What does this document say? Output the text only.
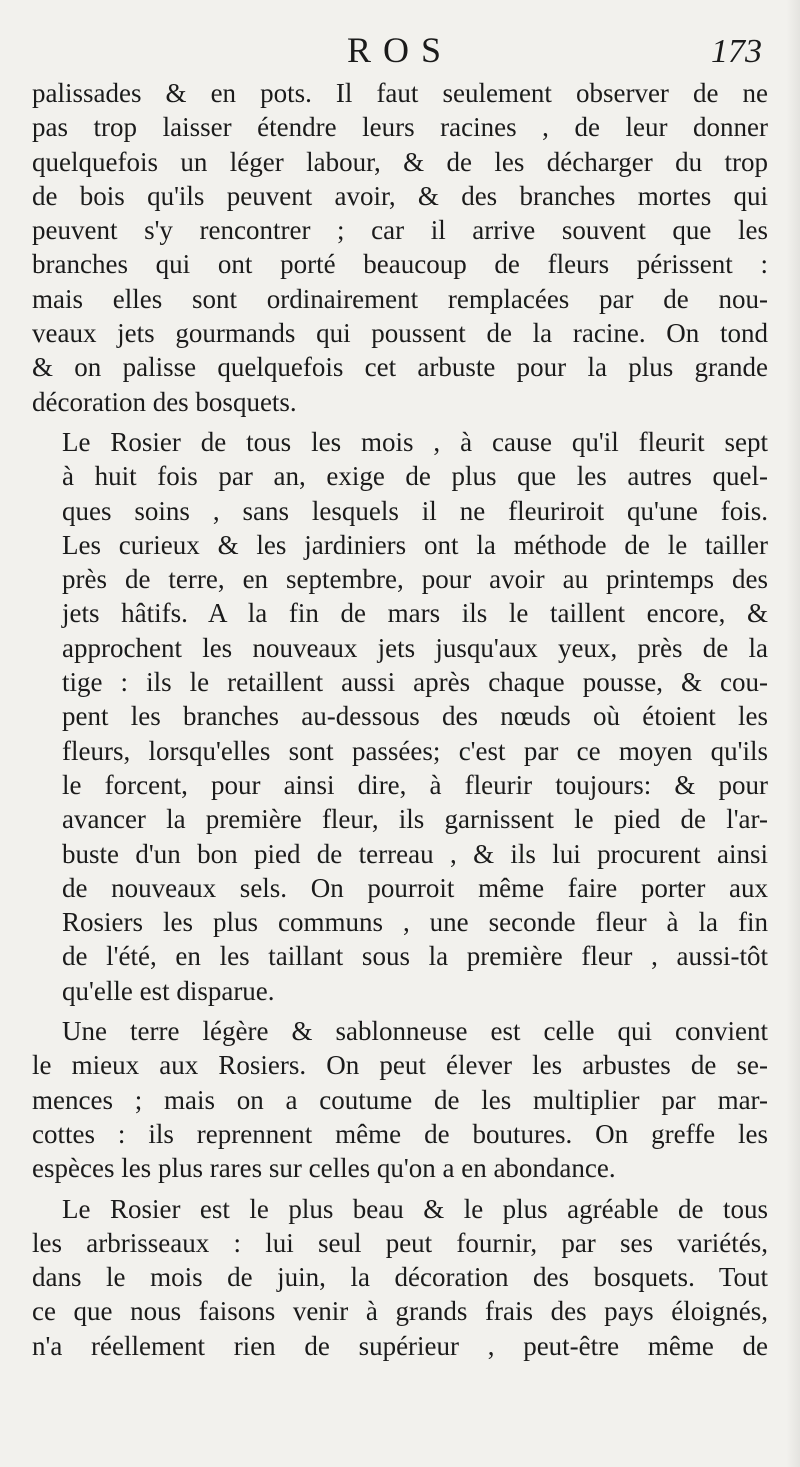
ROS	173
palissades & en pots. Il faut seulement observer de ne
pas trop laisser étendre leurs racines , de leur donner
quelquefois un léger labour, & de les décharger du trop
de bois qu'ils peuvent avoir, & des branches mortes qui
peuvent s'y rencontrer ; car il arrive souvent que les
branches qui ont porté beaucoup de fleurs périssent :
mais elles sont ordinairement remplacées par de nou-
veaux jets gourmands qui poussent de la racine. On tond
& on palisse quelquefois cet arbuste pour la plus grande
décoration des bosquets.
Le Rosier de tous les mois , à cause qu'il fleurit sept
à huit fois par an, exige de plus que les autres quel-
ques soins , sans lesquels il ne fleuriroit qu'une fois.
Les curieux & les jardiniers ont la méthode de le tailler
près de terre, en septembre, pour avoir au printemps des
jets hâtifs. A la fin de mars ils le taillent encore, &
approchent les nouveaux jets jusqu'aux yeux, près de la
tige : ils le retaillent aussi après chaque pousse, & cou-
pent les branches au-dessous des nœuds où étoient les
fleurs, lorsqu'elles sont passées; c'est par ce moyen qu'ils
le forcent, pour ainsi dire, à fleurir toujours: & pour
avancer la première fleur, ils garnissent le pied de l'ar-
buste d'un bon pied de terreau , & ils lui procurent ainsi
de nouveaux sels. On pourroit même faire porter aux
Rosiers les plus communs , une seconde fleur à la fin
de l'été, en les taillant sous la première fleur , aussi-tôt
qu'elle est disparue.
Une terre légère & sablonneuse est celle qui convient
le mieux aux Rosiers. On peut élever les arbustes de se-
mences ; mais on a coutume de les multiplier par mar-
cottes : ils reprennent même de boutures. On greffe les
espèces les plus rares sur celles qu'on a en abondance.
Le Rosier est le plus beau & le plus agréable de tous
les arbrisseaux : lui seul peut fournir, par ses variétés,
dans le mois de juin, la décoration des bosquets. Tout
ce que nous faisons venir à grands frais des pays éloignés,
n'a réellement rien de supérieur , peut-être même de
